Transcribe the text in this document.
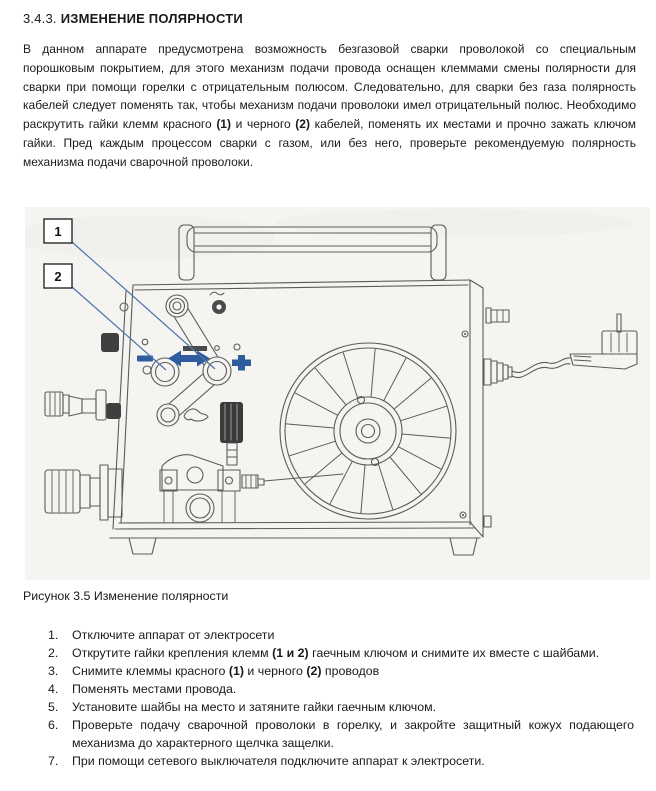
3.4.3. ИЗМЕНЕНИЕ ПОЛЯРНОСТИ
В данном аппарате предусмотрена возможность безгазовой сварки проволокой со специальным порошковым покрытием, для этого механизм подачи провода оснащен клеммами смены полярности для сварки при помощи горелки с отрицательным полюсом. Следовательно, для сварки без газа полярность кабелей следует поменять так, чтобы механизм подачи проволоки имел отрицательный полюс. Необходимо раскрутить гайки клемм красного (1) и черного (2) кабелей, поменять их местами и прочно зажать ключом гайки. Пред каждым процессом сварки с газом, или без него, проверьте рекомендуемую полярность механизма подачи сварочной проволоки.
1
2
Рисунок 3.5 Изменение полярности
1. Отключите аппарат от электросети
2. Открутите гайки крепления клемм (1 и 2) гаечным ключом и снимите их вместе с шайбами.
3. Снимите клеммы красного (1) и черного (2) проводов
4. Поменять местами провода.
5. Установите шайбы на место и затяните гайки гаечным ключом.
6. Проверьте подачу сварочной проволоки в горелку, и закройте защитный кожух подающего механизма до характерного щелчка защелки.
7. При помощи сетевого выключателя подключите аппарат к электросети.
